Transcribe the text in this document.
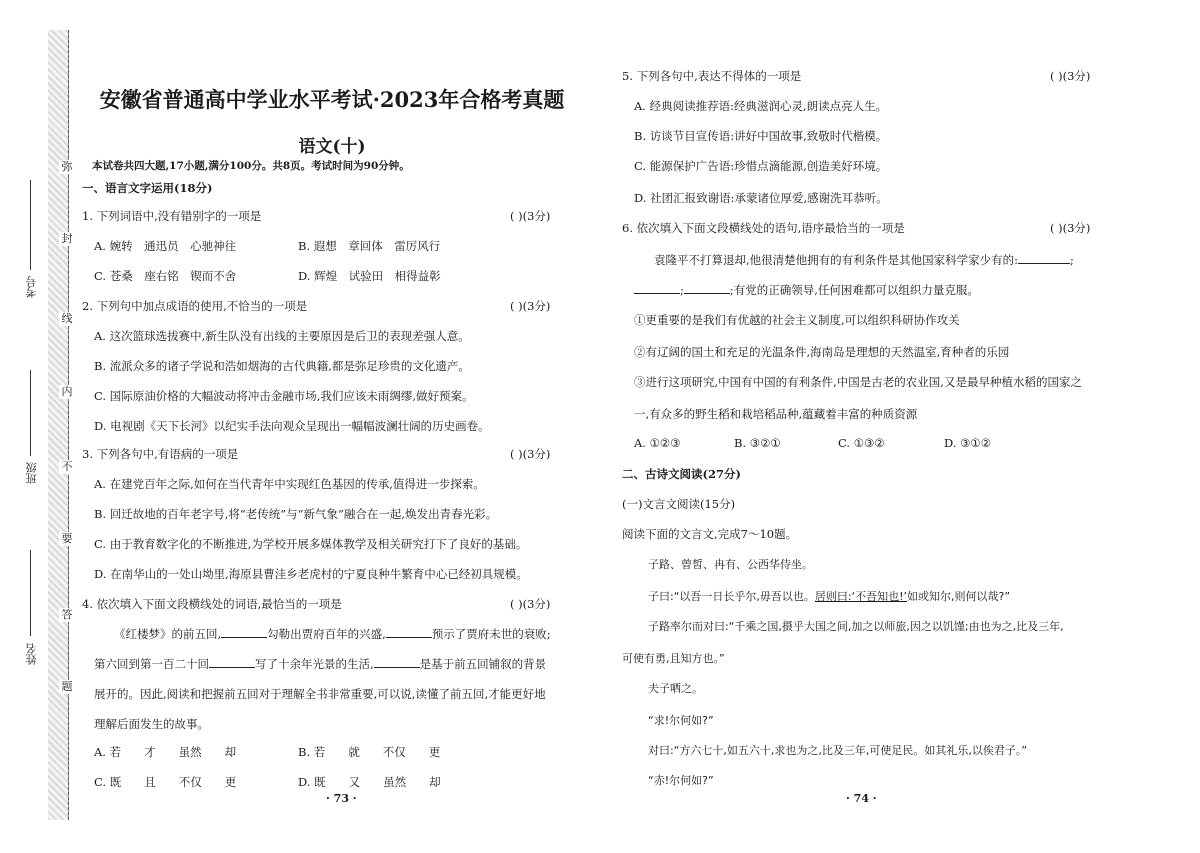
弥
封
线
内
不
要
答
题
考号
班级
姓名
安徽省普通高中学业水平考试·2023年合格考真题
语文(十)
本试卷共四大题,17小题,满分100分。共8页。考试时间为90分钟。
一、语言文字运用(18分)
1. 下列词语中,没有错别字的一项是	( )(3分)
A. 婉转　通迅员　心驰神往	B. 遐想　章回体　雷厉风行
C. 苍桑　座右铭　锲而不舍	D. 辉煌　试验田　相得益彰
2. 下列句中加点成语的使用,不恰当的一项是	( )(3分)
A. 这次篮球选拔赛中,新生队没有出线的主要原因是后卫的表现差强人意。
B. 流派众多的诸子学说和浩如烟海的古代典籍,都是弥足珍贵的文化遗产。
C. 国际原油价格的大幅波动将冲击金融市场,我们应该未雨绸缪,做好预案。
D. 电视剧《天下长河》以纪实手法向观众呈现出一幅幅波澜壮阔的历史画卷。
3. 下列各句中,有语病的一项是	( )(3分)
A. 在建党百年之际,如何在当代青年中实现红色基因的传承,值得进一步探索。
B. 回迁故地的百年老字号,将“老传统”与“新气象”融合在一起,焕发出青春光彩。
C. 由于教育数字化的不断推进,为学校开展多媒体教学及相关研究打下了良好的基础。
D. 在南华山的一处山坳里,海原县曹洼乡老虎村的宁夏良种牛繁育中心已经初具规模。
4. 依次填入下面文段横线处的词语,最恰当的一项是	( )(3分)
《红楼梦》的前五回,	勾勒出贾府百年的兴盛,	预示了贾府未世的衰败;
第六回到第一百二十回	写了十余年光景的生活,	是基于前五回铺叙的背景
展开的。因此,阅读和把握前五回对于理解全书非常重要,可以说,读懂了前五回,才能更好地
理解后面发生的故事。
A. 若　　才　　虽然　　却	B. 若　　就　　不仅　　更
C. 既　　且　　不仅　　更	D. 既　　又　　虽然　　却
· 73 ·
5. 下列各句中,表达不得体的一项是	( )(3分)
A. 经典阅读推荐语:经典滋润心灵,朗读点亮人生。
B. 访谈节目宣传语:讲好中国故事,致敬时代楷模。
C. 能源保护广告语:珍惜点滴能源,创造美好环境。
D. 社团汇报致谢语:承蒙诸位厚爱,感谢洗耳恭听。
6. 依次填入下面文段横线处的语句,语序最恰当的一项是	( )(3分)
袁隆平不打算退却,他很清楚他拥有的有利条件是其他国家科学家少有的:	;
;	;有党的正确领导,任何困难都可以组织力量克服。
①更重要的是我们有优越的社会主义制度,可以组织科研协作攻关
②有辽阔的国土和充足的光温条件,海南岛是理想的天然温室,育种者的乐园
③进行这项研究,中国有中国的有利条件,中国是古老的农业国,又是最早种植水稻的国家之
一,有众多的野生稻和栽培稻品种,蕴藏着丰富的种质资源
A. ①②③	B. ③②①	C. ①③②	D. ③①②
二、古诗文阅读(27分)
(一)文言文阅读(15分)
阅读下面的文言文,完成7～10题。
子路、曾皙、冉有、公西华侍坐。
子曰:“以吾一日长乎尔,毋吾以也。居则曰:‘不吾知也!’如或知尔,则何以哉?”
子路率尔而对曰:“千乘之国,摄乎大国之间,加之以师旅,因之以饥馑;由也为之,比及三年,
可使有勇,且知方也。”
夫子哂之。
“求!尔何如?”
对曰:“方六七十,如五六十,求也为之,比及三年,可使足民。如其礼乐,以俟君子。”
“赤!尔何如?”
· 74 ·
